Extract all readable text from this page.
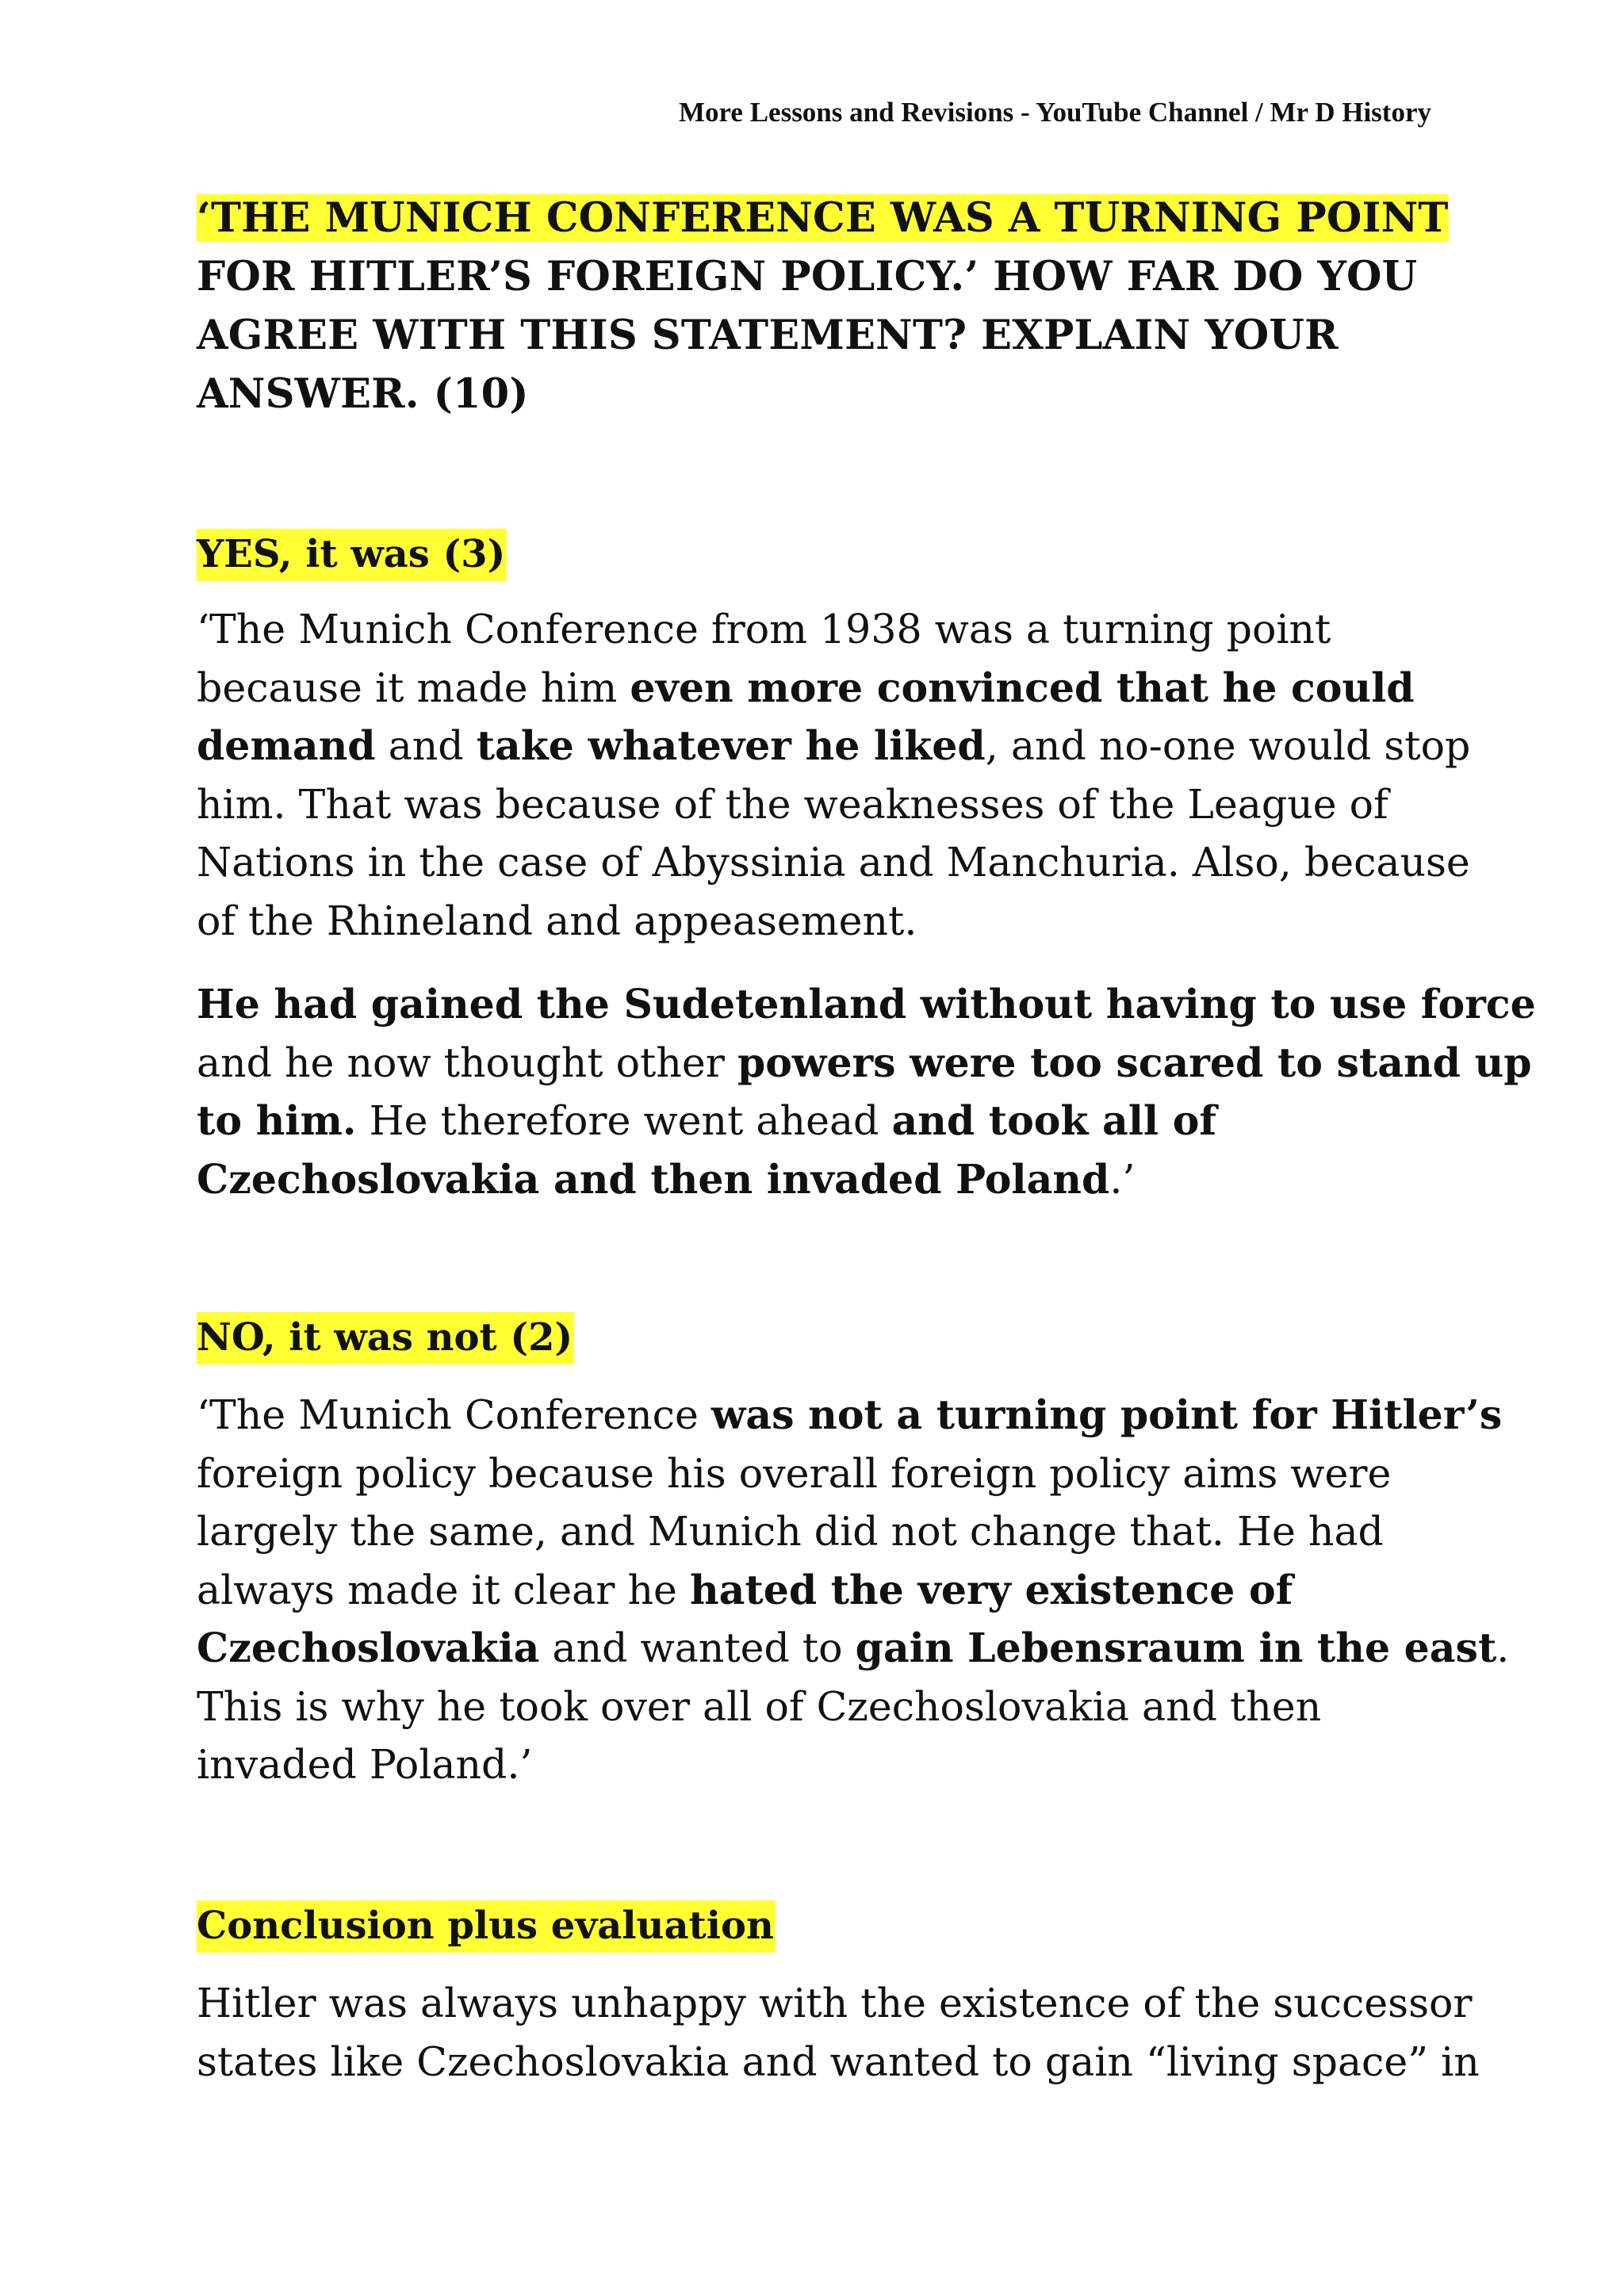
More Lessons and Revisions - YouTube Channel / Mr D History
‘THE MUNICH CONFERENCE WAS A TURNING POINT
FOR HITLER’S FOREIGN POLICY.’ HOW FAR DO YOU
AGREE WITH THIS STATEMENT? EXPLAIN YOUR
ANSWER. (10)
YES, it was (3)
‘The Munich Conference from 1938 was a turning point
because it made him even more convinced that he could
demand and take whatever he liked, and no-one would stop
him. That was because of the weaknesses of the League of
Nations in the case of Abyssinia and Manchuria. Also, because
of the Rhineland and appeasement.
He had gained the Sudetenland without having to use force
and he now thought other powers were too scared to stand up
to him. He therefore went ahead and took all of
Czechoslovakia and then invaded Poland.’
NO, it was not (2)
‘The Munich Conference was not a turning point for Hitler’s
foreign policy because his overall foreign policy aims were
largely the same, and Munich did not change that. He had
always made it clear he hated the very existence of
Czechoslovakia and wanted to gain Lebensraum in the east.
This is why he took over all of Czechoslovakia and then
invaded Poland.’
Conclusion plus evaluation
Hitler was always unhappy with the existence of the successor
states like Czechoslovakia and wanted to gain “living space” in
